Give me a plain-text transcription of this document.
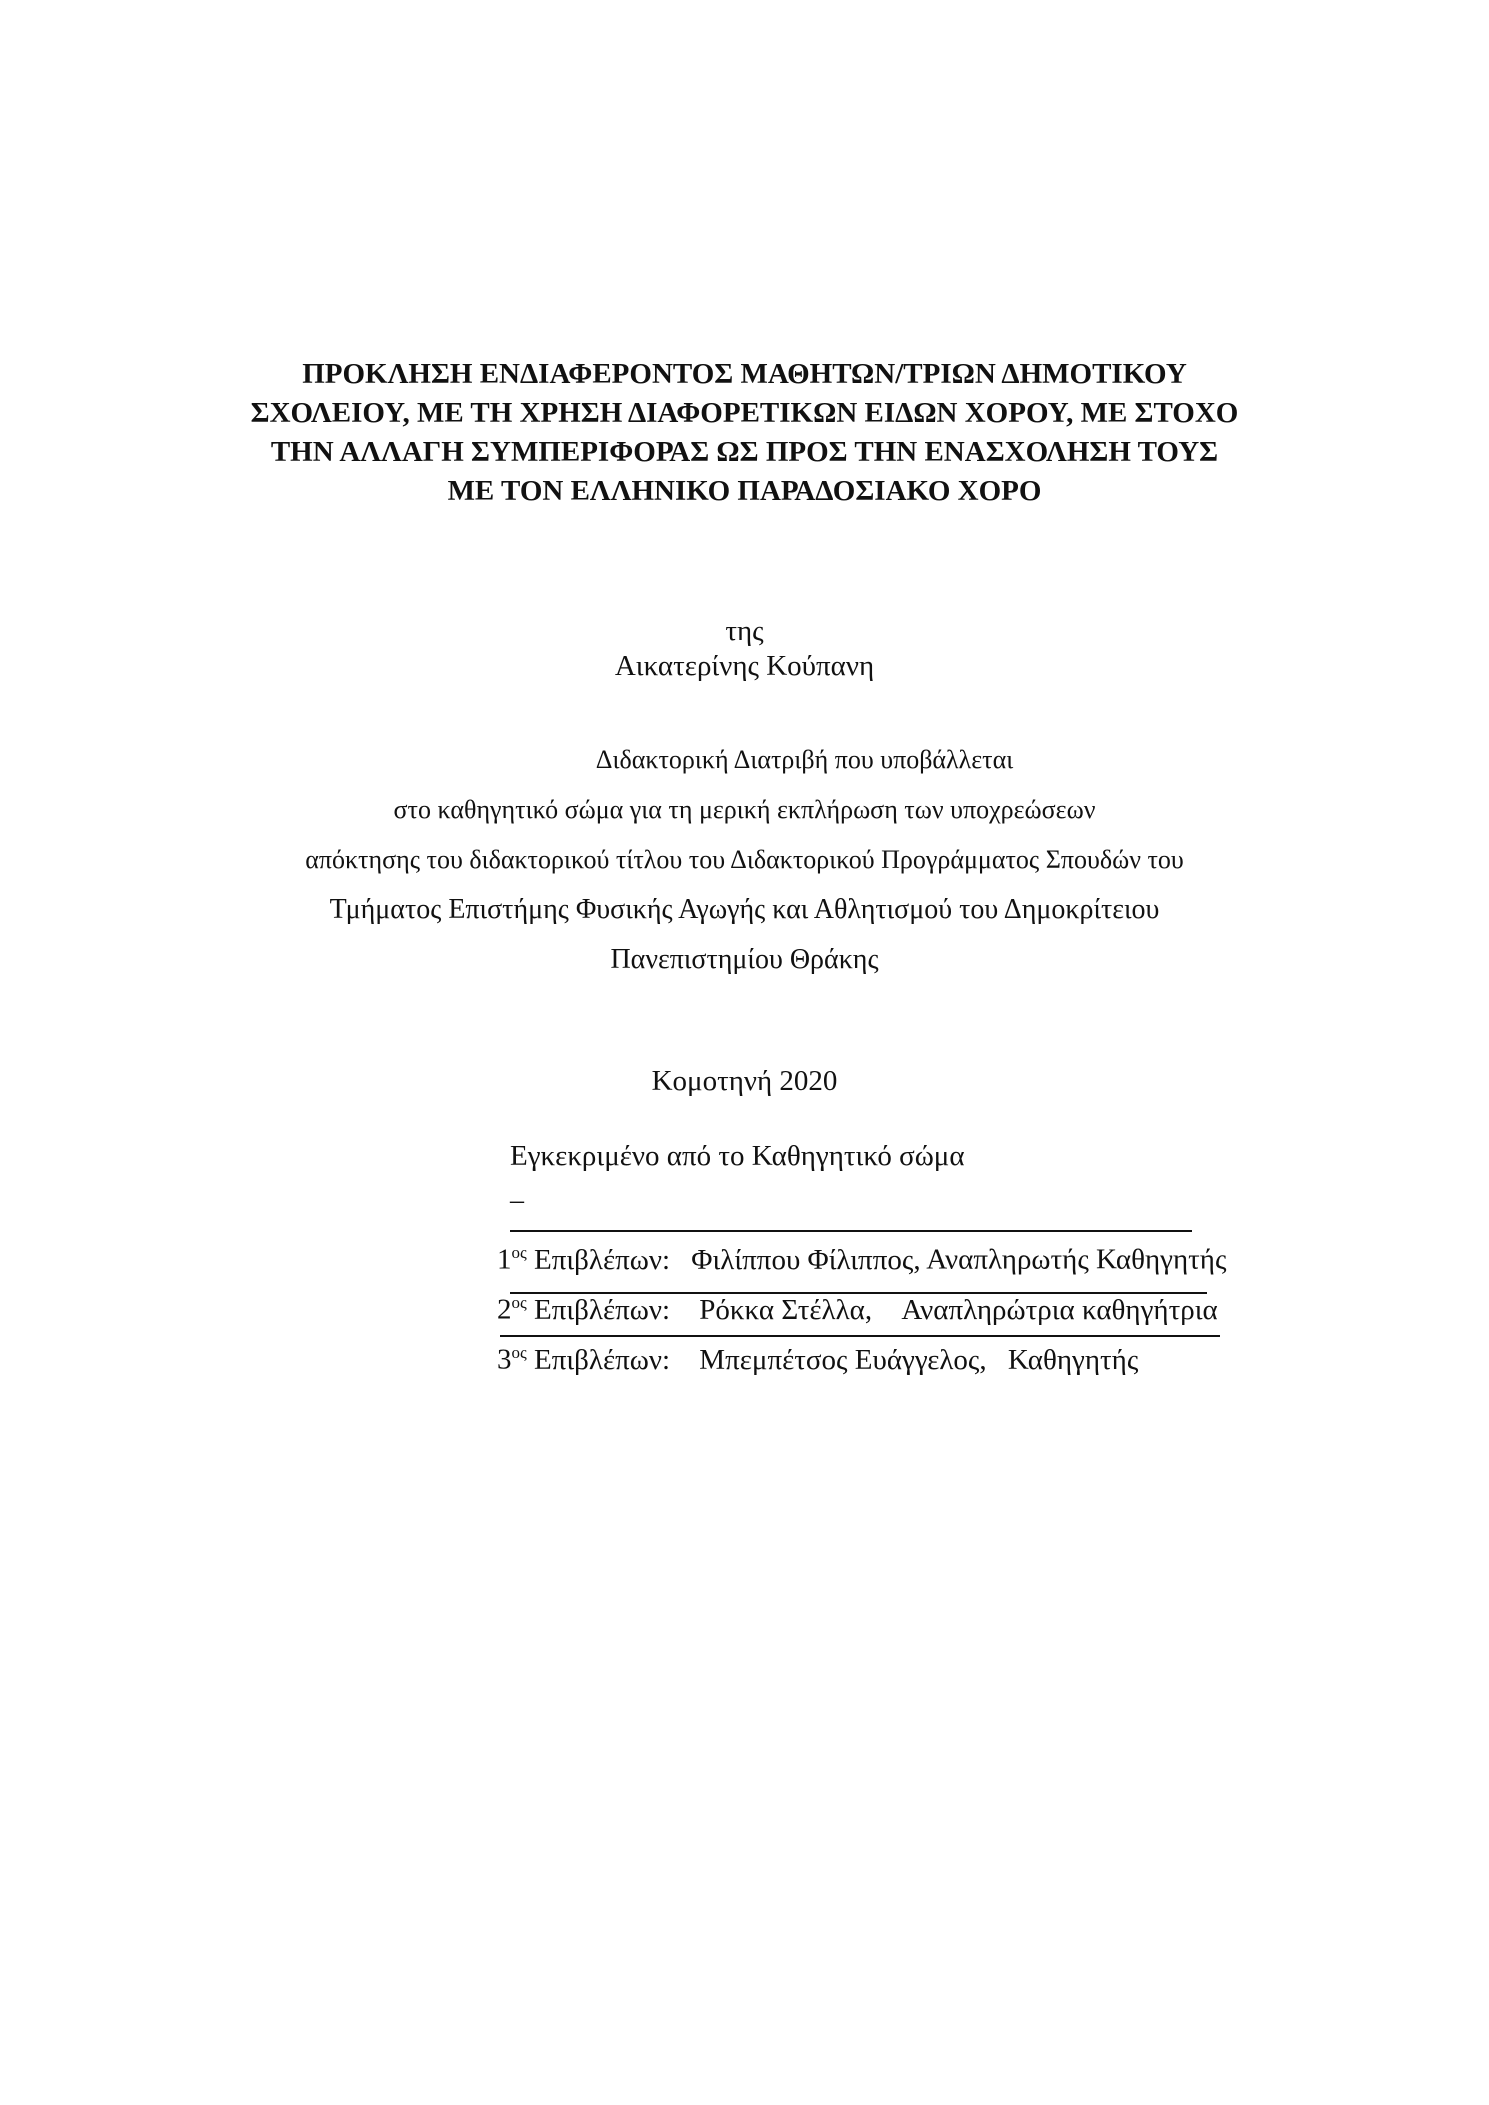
ΠΡΟΚΛΗΣΗ ΕΝΔΙΑΦΕΡΟΝΤΟΣ ΜΑΘΗΤΩΝ/ΤΡΙΩΝ ΔΗΜΟΤΙΚΟΥ
ΣΧΟΛΕΙΟΥ, ΜΕ ΤΗ ΧΡΗΣΗ ΔΙΑΦΟΡΕΤΙΚΩΝ ΕΙΔΩΝ ΧΟΡΟΥ, ΜΕ ΣΤΟΧΟ
ΤΗΝ ΑΛΛΑΓΗ ΣΥΜΠΕΡΙΦΟΡΑΣ ΩΣ ΠΡΟΣ ΤΗΝ ΕΝΑΣΧΟΛΗΣΗ ΤΟΥΣ
ΜΕ ΤΟΝ ΕΛΛΗΝΙΚΟ ΠΑΡΑΔΟΣΙΑΚΟ ΧΟΡΟ
της
Αικατερίνης Κούπανη
Διδακτορική Διατριβή που υποβάλλεται
στο καθηγητικό σώμα για τη μερική εκπλήρωση των υποχρεώσεων
απόκτησης του διδακτορικού τίτλου του Διδακτορικού Προγράμματος Σπουδών του
Τμήματος Επιστήμης Φυσικής Αγωγής και Αθλητισμού του Δημοκρίτειου
Πανεπιστημίου Θράκης
Κομοτηνή 2020
Εγκεκριμένο από το Καθηγητικό σώμα
–
$1^{o\varsigma}$ Επιβλέπων: Φιλίππου Φίλιππος, Αναπληρωτής Καθηγητής
$2^{o\varsigma}$ Επιβλέπων: Ρόκκα Στέλλα, Αναπληρώτρια καθηγήτρια
$3^{o\varsigma}$ Επιβλέπων: Μπεμπέτσος Ευάγγελος, Καθηγητής
